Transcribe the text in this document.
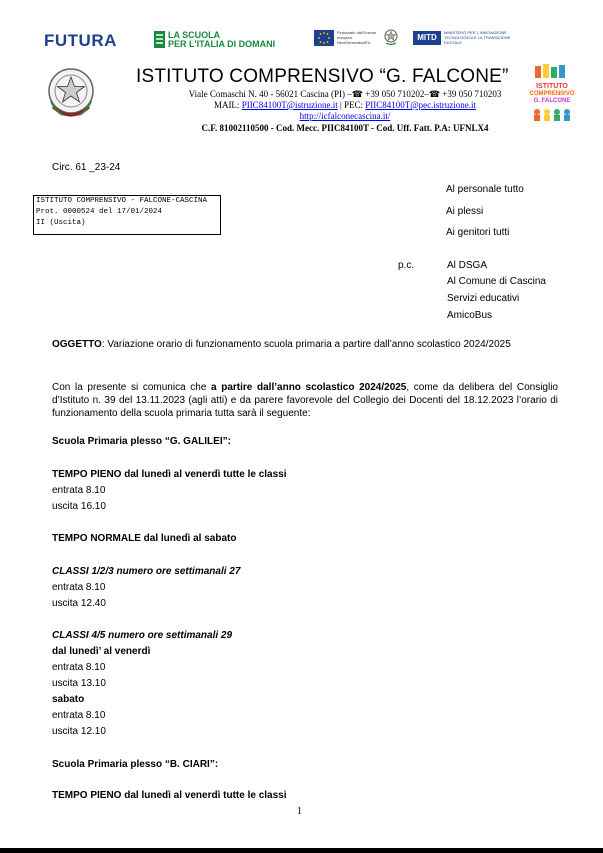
FUTURA	LA SCUOLA
PER L'ITALIA DI DOMANI
Finanziato dall'Unione europea NextGenerationEU
MITD
MINISTERO PER L'INNOVAZIONE TECNOLOGICA E LA TRANSIZIONE DIGITALE
ISTITUTO
COMPRENSIVO
G. FALCONE
ISTITUTO COMPRENSIVO “G. FALCONE”
Viale Comaschi N. 40 - 56021 Cascina (PI) –☎ +39 050 710202–☎ +39 050 710203
MAIL: PIIC84100T@istruzione.it | PEC: PIIC84100T@pec.istruzione.it
http://icfalconecascina.it/
C.F. 81002110500 - Cod. Mecc. PIIC84100T - Cod. Uff. Fatt. P.A: UFNLX4
Circ. 61 _23-24
ISTITUTO COMPRENSIVO - FALCONE-CASCINA
Prot. 0000524 del 17/01/2024
II (Uscita)
Al personale tutto
Ai plessi
Ai genitori tutti
p.c.	Al DSGA
Al Comune di Cascina
Servizi educativi
AmicoBus
OGGETTO: Variazione orario di funzionamento scuola primaria a partire dall’anno scolastico 2024/2025
Con la presente si comunica che a partire dall’anno scolastico 2024/2025, come da delibera del Consiglio d’Istituto n. 39 del 13.11.2023 (agli atti) e da parere favorevole del Collegio dei Docenti del 18.12.2023 l’orario di funzionamento della scuola primaria tutta sarà il seguente:
Scuola Primaria plesso “G. GALILEI”:
TEMPO PIENO dal lunedì al venerdì tutte le classi
entrata 8.10
uscita 16.10
TEMPO NORMALE dal lunedì al sabato
CLASSI 1/2/3 numero ore settimanali 27
entrata 8.10
uscita 12.40
CLASSI 4/5 numero ore settimanali 29
dal lunedì’ al venerdì
entrata 8.10
uscita 13.10
sabato
entrata 8.10
uscita 12.10
Scuola Primaria plesso “B. CIARI”:
TEMPO PIENO dal lunedì al venerdì tutte le classi
1
